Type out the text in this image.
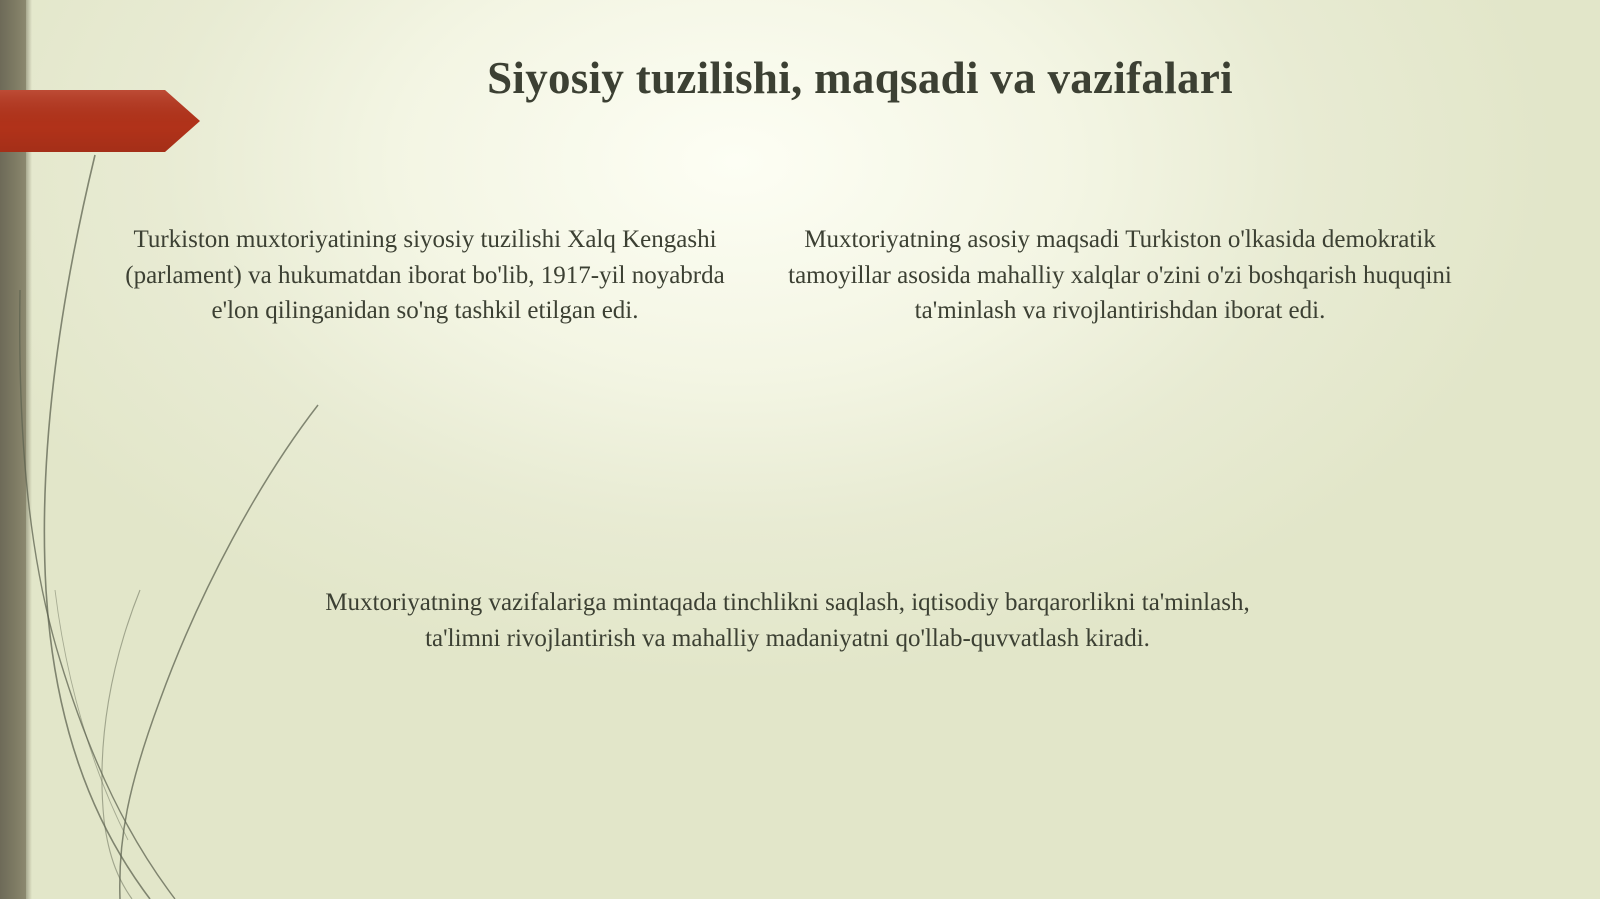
Siyosiy tuzilishi, maqsadi va vazifalari
Turkiston muxtoriyatining siyosiy tuzilishi Xalq Kengashi (parlament) va hukumatdan iborat bo'lib, 1917-yil noyabrda e'lon qilinganidan so'ng tashkil etilgan edi.
Muxtoriyatning asosiy maqsadi Turkiston o'lkasida demokratik tamoyillar asosida mahalliy xalqlar o'zini o'zi boshqarish huquqini ta'minlash va rivojlantirishdan iborat edi.
Muxtoriyatning vazifalariga mintaqada tinchlikni saqlash, iqtisodiy barqarorlikni ta'minlash, ta'limni rivojlantirish va mahalliy madaniyatni qo'llab-quvvatlash kiradi.
